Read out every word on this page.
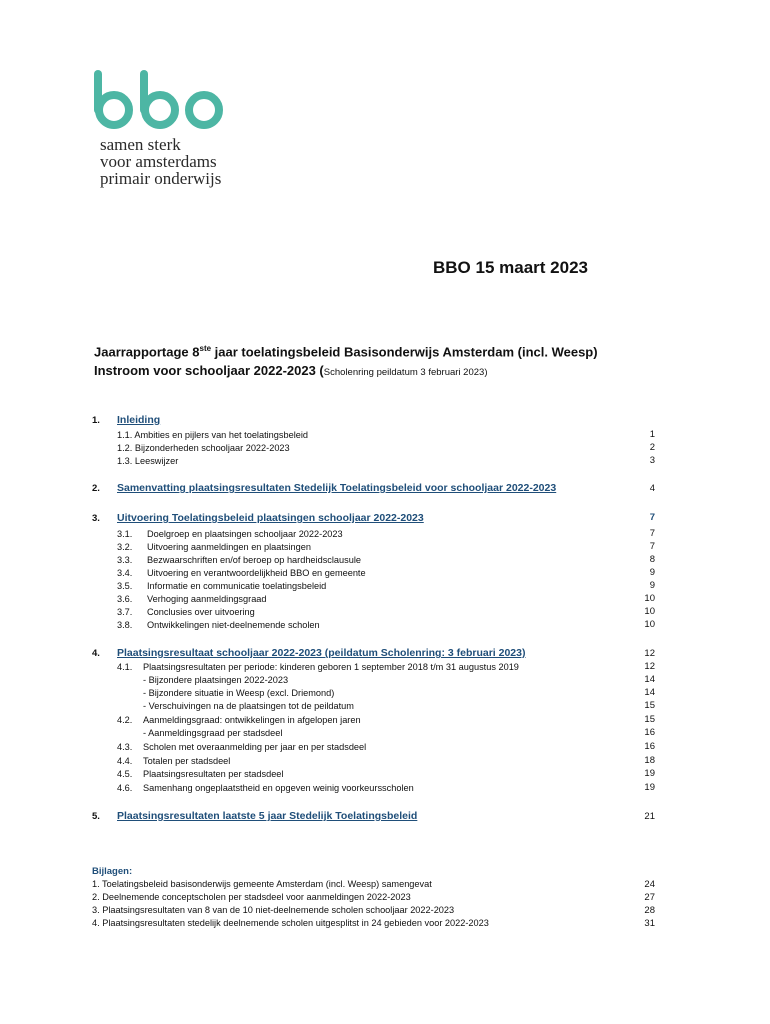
samen sterk
voor amsterdams
primair onderwijs
BBO 15 maart 2023
Jaarrapportage 8ste jaar toelatingsbeleid Basisonderwijs Amsterdam (incl. Weesp)
Instroom voor schooljaar 2022-2023 (Scholenring peildatum 3 februari 2023)
1. Inleiding
1.1. Ambities en pijlers van het toelatingsbeleid	1
1.2. Bijzonderheden schooljaar 2022-2023	2
1.3. Leeswijzer	3
2. Samenvatting plaatsingsresultaten Stedelijk Toelatingsbeleid voor schooljaar 2022-2023	4
3. Uitvoering Toelatingsbeleid plaatsingen schooljaar 2022-2023	7
3.1. Doelgroep en plaatsingen schooljaar 2022-2023	7
3.2. Uitvoering aanmeldingen en plaatsingen	7
3.3. Bezwaarschriften en/of beroep op hardheidsclausule	8
3.4. Uitvoering en verantwoordelijkheid BBO en gemeente	9
3.5. Informatie en communicatie toelatingsbeleid	9
3.6. Verhoging aanmeldingsgraad	10
3.7. Conclusies over uitvoering	10
3.8. Ontwikkelingen niet-deelnemende scholen	10
4. Plaatsingsresultaat schooljaar 2022-2023 (peildatum Scholenring: 3 februari 2023)	12
4.1. Plaatsingsresultaten per periode: kinderen geboren 1 september 2018 t/m 31 augustus 2019	12
- Bijzondere plaatsingen 2022-2023	14
- Bijzondere situatie in Weesp (excl. Driemond)	14
- Verschuivingen na de plaatsingen tot de peildatum	15
4.2. Aanmeldingsgraad: ontwikkelingen in afgelopen jaren	15
- Aanmeldingsgraad per stadsdeel	16
4.3. Scholen met overaanmelding per jaar en per stadsdeel	16
4.4. Totalen per stadsdeel	18
4.5. Plaatsingsresultaten per stadsdeel	19
4.6. Samenhang ongeplaatstheid en opgeven weinig voorkeursscholen	19
5. Plaatsingsresultaten laatste 5 jaar Stedelijk Toelatingsbeleid	21
Bijlagen:
1. Toelatingsbeleid basisonderwijs gemeente Amsterdam (incl. Weesp) samengevat	24
2. Deelnemende conceptscholen per stadsdeel voor aanmeldingen 2022-2023	27
3. Plaatsingsresultaten van 8 van de 10 niet-deelnemende scholen schooljaar 2022-2023	28
4. Plaatsingsresultaten stedelijk deelnemende scholen uitgesplitst in 24 gebieden voor 2022-2023	31
